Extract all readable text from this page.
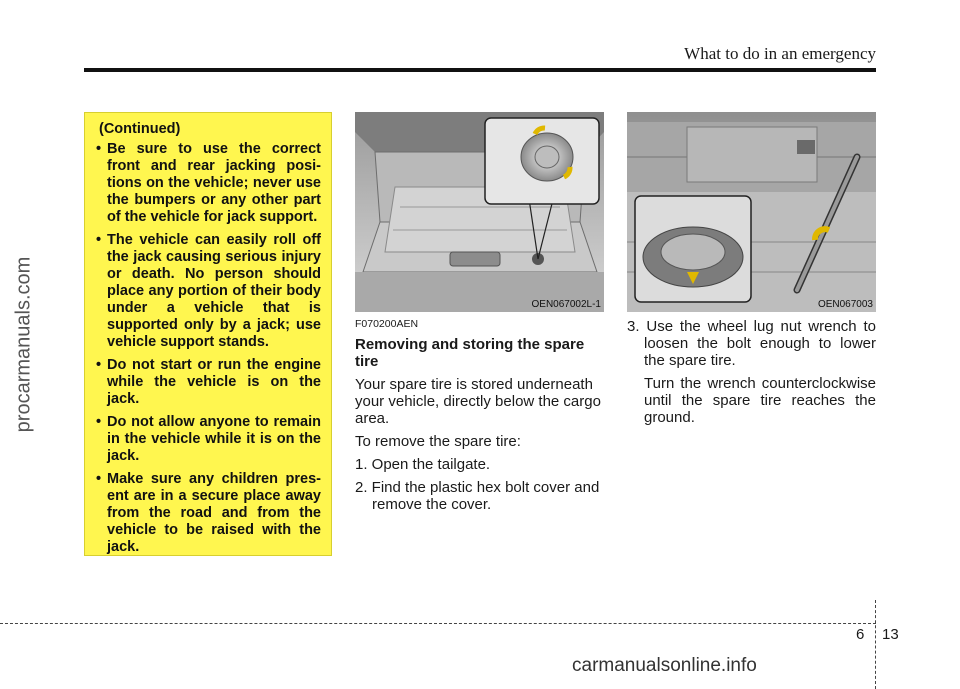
procarmanuals.com
What to do in an emergency
(Continued)
• Be sure to use the correct front and rear jacking posi- tions on the vehicle; never use the bumpers or any other part of the vehicle for jack support.
• The vehicle can easily roll off the jack causing serious injury or death. No person should place any portion of their body under a vehicle that is supported only by a jack; use vehicle support stands.
• Do not start or run the engine while the vehicle is on the jack.
• Do not allow anyone to remain in the vehicle while it is on the jack.
• Make sure any children pres- ent are in a secure place away from the road and from the vehicle to be raised with the jack.
OEN067002L-1	OEN067003
F070200AEN
Removing and storing the spare tire
Your spare tire is stored underneath your vehicle, directly below the cargo area.
To remove the spare tire:
1. Open the tailgate.
2. Find the plastic hex bolt cover and remove the cover.
3. Use the wheel lug nut wrench to loosen the bolt enough to lower the spare tire.
Turn the wrench counterclockwise until the spare tire reaches the ground.
6 13
carmanualsonline.info
